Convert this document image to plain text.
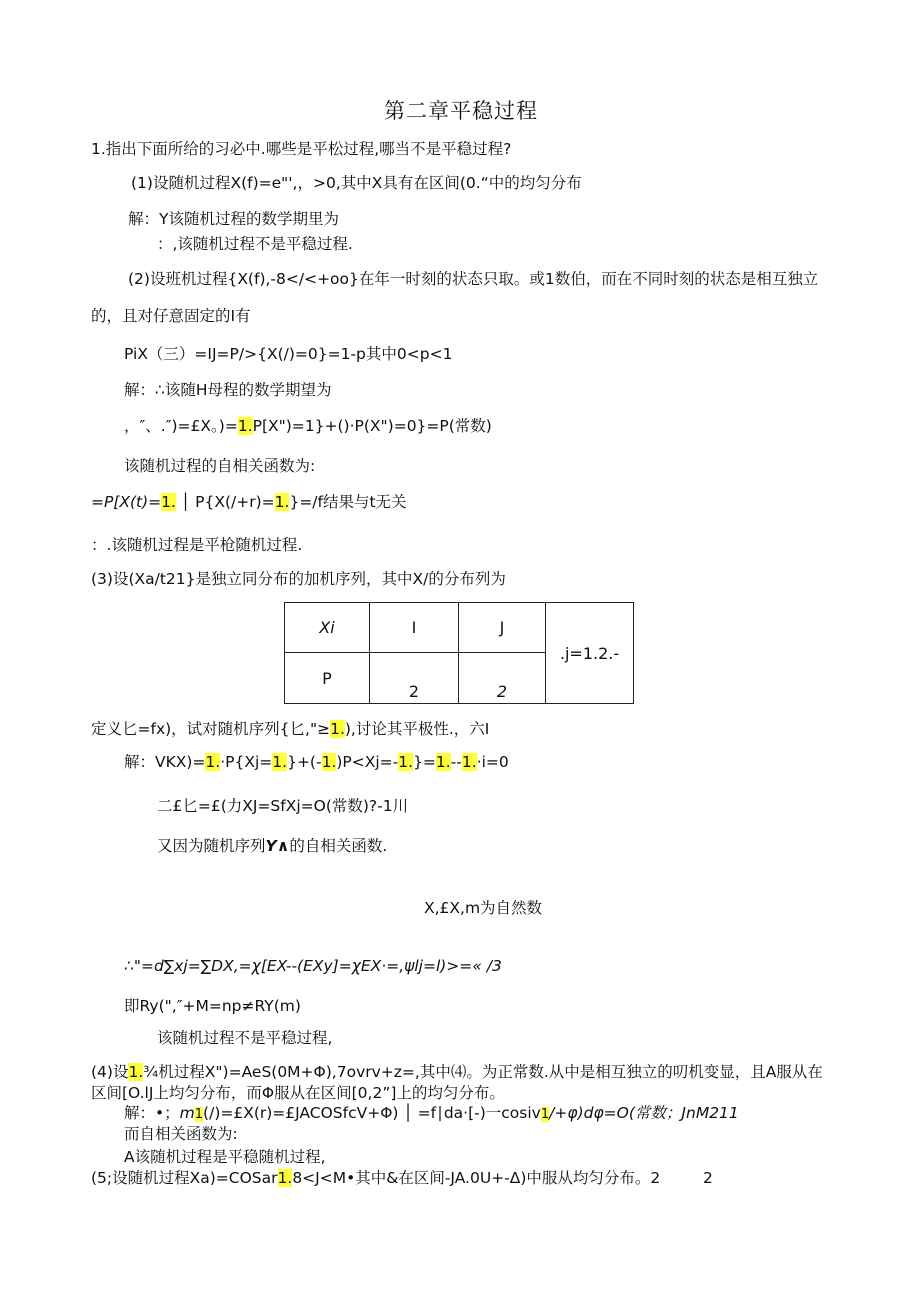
第二章平稳过程
1.指出下面所给的习必中.哪些是平松过程,哪当不是平稳过程?
(1)设随机过程X(f)=e"',，>0,其中X具有在区间(0.“中的均匀分布
解：Y该随机过程的数学期里为
：,该随机过程不是平稳过程.
(2)设班机过程{X(f),-8</<+oo}在年一时刻的状态只取。或1数伯，而在不同时刻的状态是相互独立
的，且对仔意固定的I有
PiX（三）=IJ=P/>{X(/)=0}=1-p其中0<p<1
解：∴该随H母程的数学期望为
，″、.″)=£X。)=1.P[X")=1}+()·P(X")=0}=P(常数)
该随机过程的自相关函数为:
=P[X(t)=1. │ P{X(/+r)=1.}=/f结果与t无关
：.该随机过程是平枪随机过程.
(3)设(Xa/t21}是独立同分布的加机序列，其中X/的分布列为
Xi	I	J	.j=1.2.-
P	2	2	
定义匕=fx)，试对随机序列{匕,"≥1.),讨论其平极性.，六I
解：VKX)=1.·P{Xj=1.}+(-1.)P<Xj=-1.}=1.--1.·i=0
二£匕=£(力XJ=SfXj=O(常数)?-1川
又因为随机序列Y∧的自相关函数.
X,£X,m为自然数
∴"=d∑xj=∑DX,=χ[EX--(EXy]=χEX·=,ψlj=l)>=« /3
即Ry(",″+M=np≠RY(m)
该随机过程不是平稳过程,
(4)设1.¾机过程X")=AeS(0M+Φ),7ovrv+z=,其中⑷。为正常数.从中是相互独立的叨机变显，且A服从在
区间[O.lJ上均匀分布，而Φ服从在区间[0,2”]上的均匀分布。
解：•；m1(/)=£X(r)=£JACOSfcV+Φ) │ =f∣da·[-)一cosiv1/+φ)dφ=O(常数；JnM211
而自相关函数为:
A该随机过程是平稳随机过程,
(5;设随机过程Xa)=COSar1.8<J<M•其中&在区间-JA.0U+-Δ)中服从均匀分布。2	2
